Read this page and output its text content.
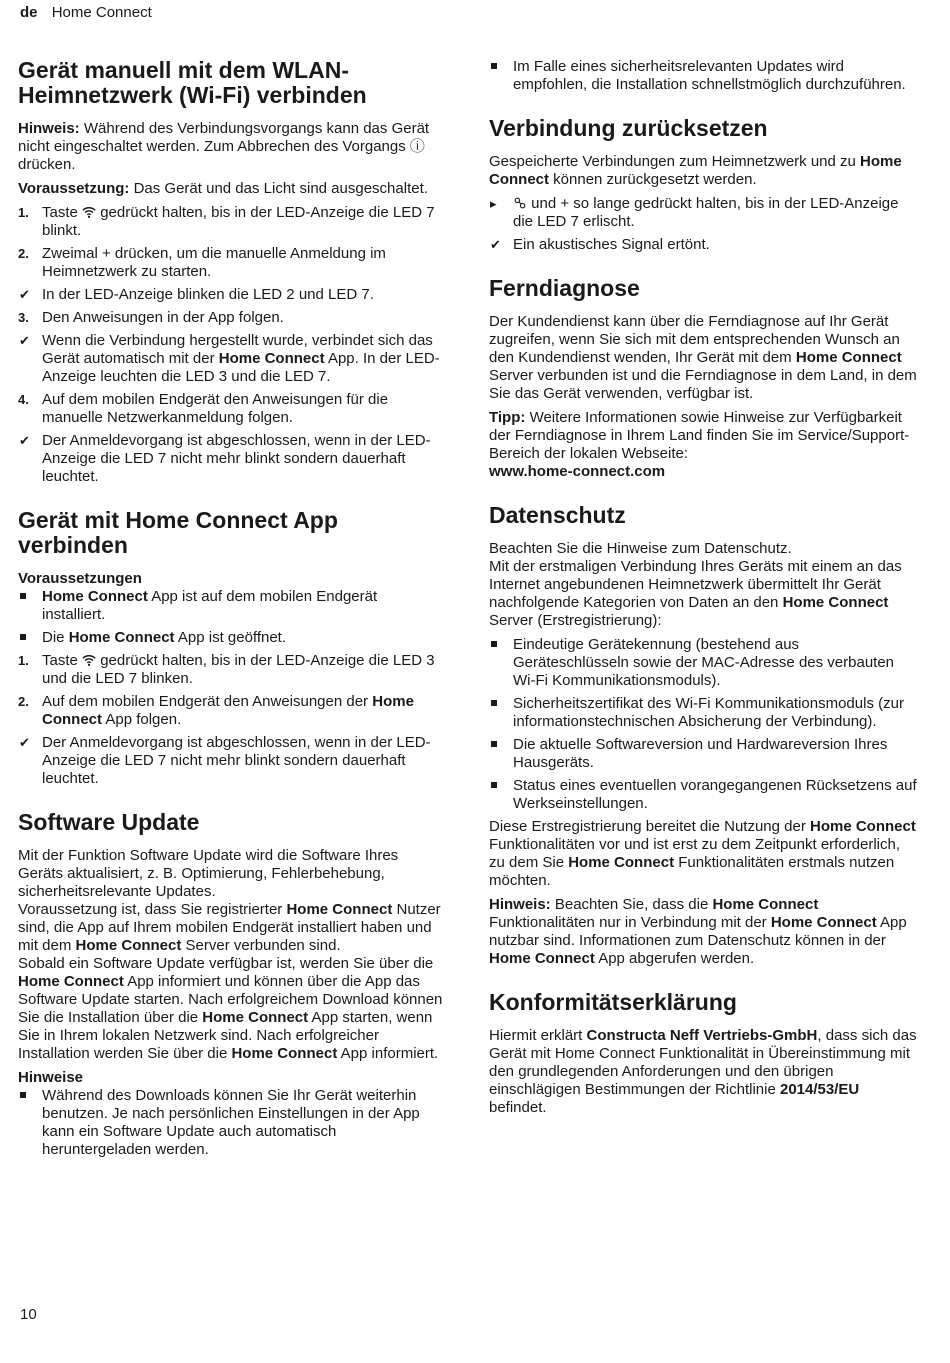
de Home Connect
Gerät manuell mit dem WLAN-Heimnetzwerk (Wi-Fi) verbinden

Hinweis: Während des Verbindungsvorgangs kann das Gerät nicht eingeschaltet werden. Zum Abbrechen des Vorgangs ⓘ drücken.

Voraussetzung: Das Gerät und das Licht sind ausgeschaltet.

1. Taste gedrückt halten, bis in der LED-Anzeige die LED 7 blinkt.
2. Zweimal + drücken, um die manuelle Anmeldung im Heimnetzwerk zu starten.
✔ In der LED-Anzeige blinken die LED 2 und LED 7.
3. Den Anweisungen in der App folgen.
✔ Wenn die Verbindung hergestellt wurde, verbindet sich das Gerät automatisch mit der Home Connect App. In der LED-Anzeige leuchten die LED 3 und die LED 7.
4. Auf dem mobilen Endgerät den Anweisungen für die manuelle Netzwerkanmeldung folgen.
✔ Der Anmeldevorgang ist abgeschlossen, wenn in der LED-Anzeige die LED 7 nicht mehr blinkt sondern dauerhaft leuchtet.
Gerät mit Home Connect App verbinden

Voraussetzungen

Home Connect App ist auf dem mobilen Endgerät installiert.
Die Home Connect App ist geöffnet.
1. Taste gedrückt halten, bis in der LED-Anzeige die LED 3 und die LED 7 blinken.
2. Auf dem mobilen Endgerät den Anweisungen der Home Connect App folgen.
✔ Der Anmeldevorgang ist abgeschlossen, wenn in der LED-Anzeige die LED 7 nicht mehr blinkt sondern dauerhaft leuchtet.
Software Update

Mit der Funktion Software Update wird die Software Ihres Geräts aktualisiert, z. B. Optimierung, Fehlerbehebung, sicherheitsrelevante Updates.

Voraussetzung ist, dass Sie registrierter Home Connect Nutzer sind, die App auf Ihrem mobilen Endgerät installiert haben und mit dem Home Connect Server verbunden sind.

Sobald ein Software Update verfügbar ist, werden Sie über die Home Connect App informiert und können über die App das Software Update starten. Nach erfolgreichem Download können Sie die Installation über die Home Connect App starten, wenn Sie in Ihrem lokalen Netzwerk sind. Nach erfolgreicher Installation werden Sie über die Home Connect App informiert.

Hinweise

Während des Downloads können Sie Ihr Gerät weiterhin benutzen. Je nach persönlichen Einstellungen in der App kann ein Software Update auch automatisch heruntergeladen werden.
Im Falle eines sicherheitsrelevanten Updates wird empfohlen, die Installation schnellstmöglich durchzuführen.
Verbindung zurücksetzen

Gespeicherte Verbindungen zum Heimnetzwerk und zu Home Connect können zurückgesetzt werden.

▸ und + so lange gedrückt halten, bis in der LED-Anzeige die LED 7 erlischt.
✔ Ein akustisches Signal ertönt.
Ferndiagnose

Der Kundendienst kann über die Ferndiagnose auf Ihr Gerät zugreifen, wenn Sie sich mit dem entsprechenden Wunsch an den Kundendienst wenden, Ihr Gerät mit dem Home Connect Server verbunden ist und die Ferndiagnose in dem Land, in dem Sie das Gerät verwenden, verfügbar ist.

Tipp: Weitere Informationen sowie Hinweise zur Verfügbarkeit der Ferndiagnose in Ihrem Land finden Sie im Service/Support-Bereich der lokalen Webseite:
www.home-connect.com

Datenschutz

Beachten Sie die Hinweise zum Datenschutz.

Mit der erstmaligen Verbindung Ihres Geräts mit einem an das Internet angebundenen Heimnetzwerk übermittelt Ihr Gerät nachfolgende Kategorien von Daten an den Home Connect Server (Erstregistrierung):

Eindeutige Gerätekennung (bestehend aus Geräteschlüsseln sowie der MAC-Adresse des verbauten Wi-Fi Kommunikationsmoduls).
Sicherheitszertifikat des Wi-Fi Kommunikationsmoduls (zur informationstechnischen Absicherung der Verbindung).
Die aktuelle Softwareversion und Hardwareversion Ihres Hausgeräts.
Status eines eventuellen vorangegangenen Rücksetzens auf Werkseinstellungen.

Diese Erstregistrierung bereitet die Nutzung der Home Connect Funktionalitäten vor und ist erst zu dem Zeitpunkt erforderlich, zu dem Sie Home Connect Funktionalitäten erstmals nutzen möchten.

Hinweis: Beachten Sie, dass die Home Connect Funktionalitäten nur in Verbindung mit der Home Connect App nutzbar sind. Informationen zum Datenschutz können in der Home Connect App abgerufen werden.

Konformitätserklärung

Hiermit erklärt Constructa Neff Vertriebs-GmbH, dass sich das Gerät mit Home Connect Funktionalität in Übereinstimmung mit den grundlegenden Anforderungen und den übrigen einschlägigen Bestimmungen der Richtlinie 2014/53/EU befindet.

10
